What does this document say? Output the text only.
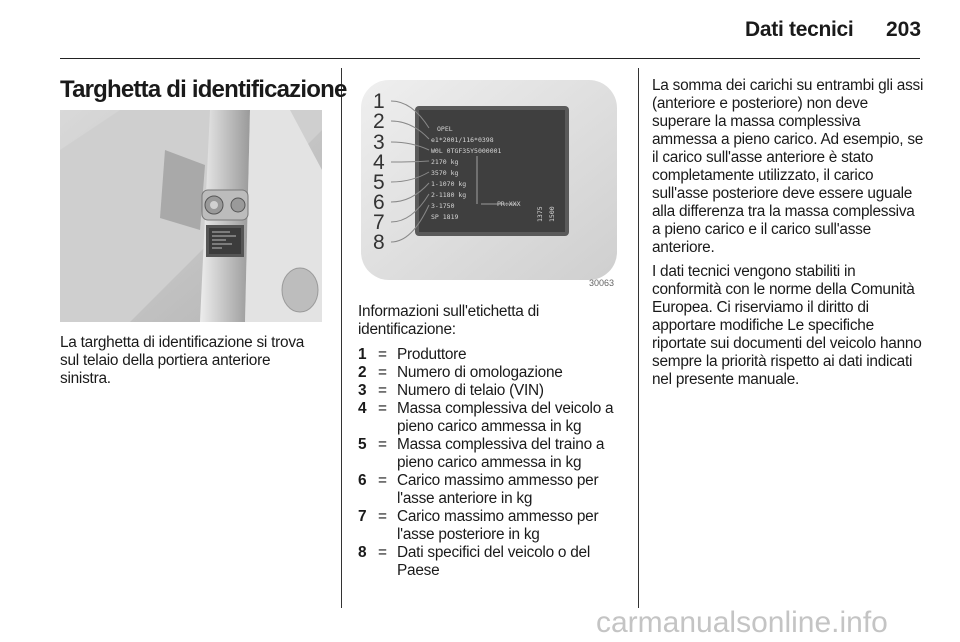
Dati tecnici 203
Targhetta di identificazione

La targhetta di identificazione si trova sul telaio della portiera anteriore sinistra.

OPEL
e1*2001/116*0398
W0L 0TGF35Y5000001
2170 kg
3570 kg
1-1070 kg
2-1180 kg
3-1750
SP 1819	1375 1500
PR:XXX
1
2
3
4
5
6
7
8
30063

Informazioni sull'etichetta di identificazione:

1 = Produttore
2 = Numero di omologazione
3 = Numero di telaio (VIN)
4 = Massa complessiva del veicolo a pieno carico ammessa in kg
5 = Massa complessiva del traino a pieno carico ammessa in kg
6 = Carico massimo ammesso per l'asse anteriore in kg
7 = Carico massimo ammesso per l'asse posteriore in kg
8 = Dati specifici del veicolo o del Paese

La somma dei carichi su entrambi gli assi (anteriore e posteriore) non deve superare la massa complessiva ammessa a pieno carico. Ad esempio, se il carico sull'asse anteriore è stato completamente utilizzato, il carico sull'asse posteriore deve essere uguale alla differenza tra la massa complessiva a pieno carico e il carico sull'asse anteriore.

I dati tecnici vengono stabiliti in conformità con le norme della Comunità Europea. Ci riserviamo il diritto di apportare modifiche Le specifiche riportate sui documenti del veicolo hanno sempre la priorità rispetto ai dati indicati nel presente manuale.

carmanualsonline.info
